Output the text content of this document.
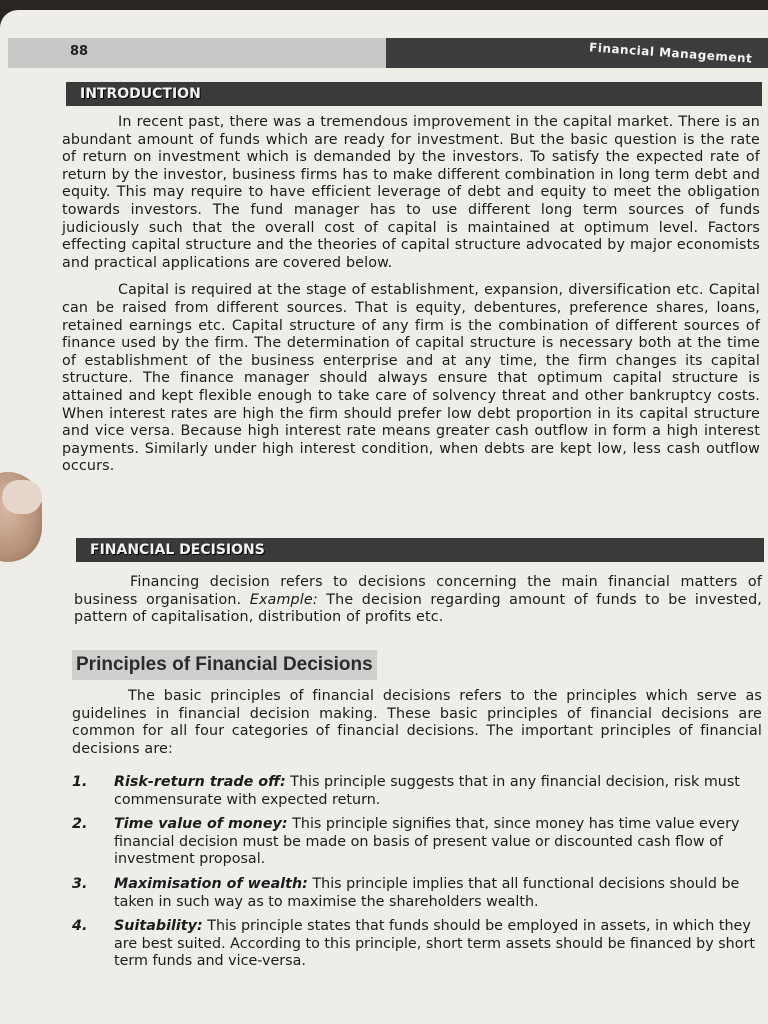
88	Financial Management
INTRODUCTION

In recent past, there was a tremendous improvement in the capital market. There is an abundant amount of funds which are ready for investment. But the basic question is the rate of return on investment which is demanded by the investors. To satisfy the expected rate of return by the investor, business firms has to make different combination in long term debt and equity. This may require to have efficient leverage of debt and equity to meet the obligation towards investors. The fund manager has to use different long term sources of funds judiciously such that the overall cost of capital is maintained at optimum level. Factors effecting capital structure and the theories of capital structure advocated by major economists and practical applications are covered below.

Capital is required at the stage of establishment, expansion, diversification etc. Capital can be raised from different sources. That is equity, debentures, preference shares, loans, retained earnings etc. Capital structure of any firm is the combination of different sources of finance used by the firm. The determination of capital structure is necessary both at the time of establishment of the business enterprise and at any time, the firm changes its capital structure. The finance manager should always ensure that optimum capital structure is attained and kept flexible enough to take care of solvency threat and other bankruptcy costs. When interest rates are high the firm should prefer low debt proportion in its capital structure and vice versa. Because high interest rate means greater cash outflow in form a high interest payments. Similarly under high interest condition, when debts are kept low, less cash outflow occurs.

FINANCIAL DECISIONS

Financing decision refers to decisions concerning the main financial matters of business organisation. Example: The decision regarding amount of funds to be invested, pattern of capitalisation, distribution of profits etc.

Principles of Financial Decisions

The basic principles of financial decisions refers to the principles which serve as guidelines in financial decision making. These basic principles of financial decisions are common for all four categories of financial decisions. The important principles of financial decisions are:

1. Risk-return trade off: This principle suggests that in any financial decision, risk must commensurate with expected return.
2. Time value of money: This principle signifies that, since money has time value every financial decision must be made on basis of present value or discounted cash flow of investment proposal.
3. Maximisation of wealth: This principle implies that all functional decisions should be taken in such way as to maximise the shareholders wealth.
4. Suitability: This principle states that funds should be employed in assets, in which they are best suited. According to this principle, short term assets should be financed by short term funds and vice-versa.
